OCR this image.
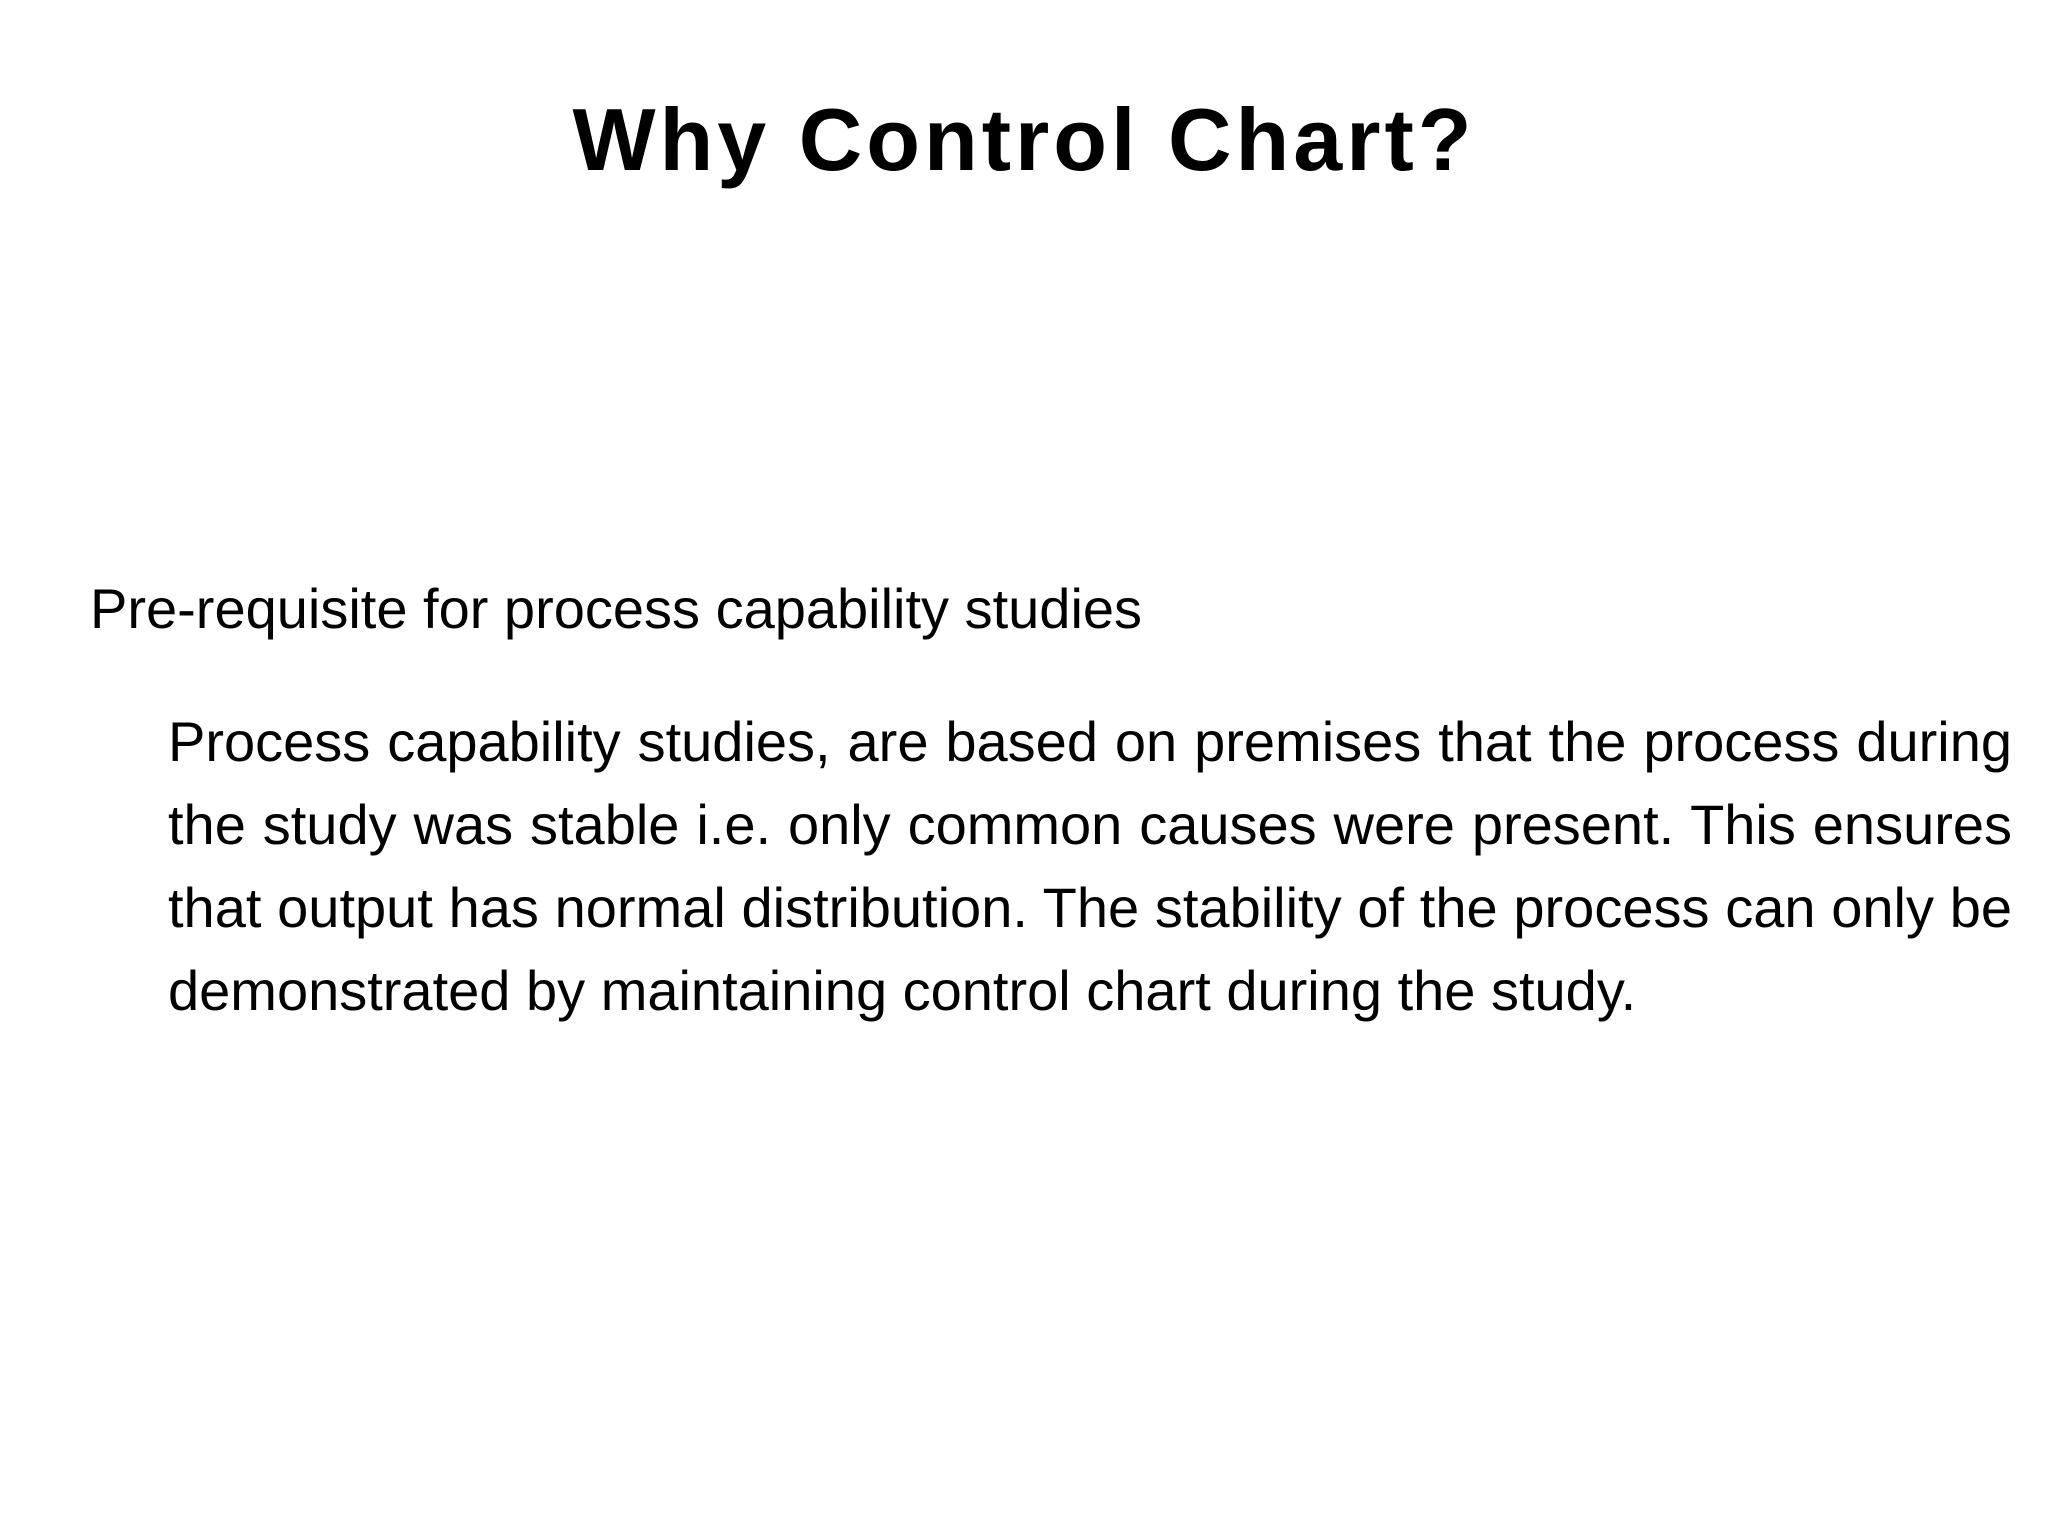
Why Control Chart?

Pre-requisite for process capability studies

Process capability studies, are based on premises that the process during the study was stable i.e. only common causes were present. This ensures that output has normal distribution. The stability of the process can only be demonstrated by maintaining control chart during the study.
